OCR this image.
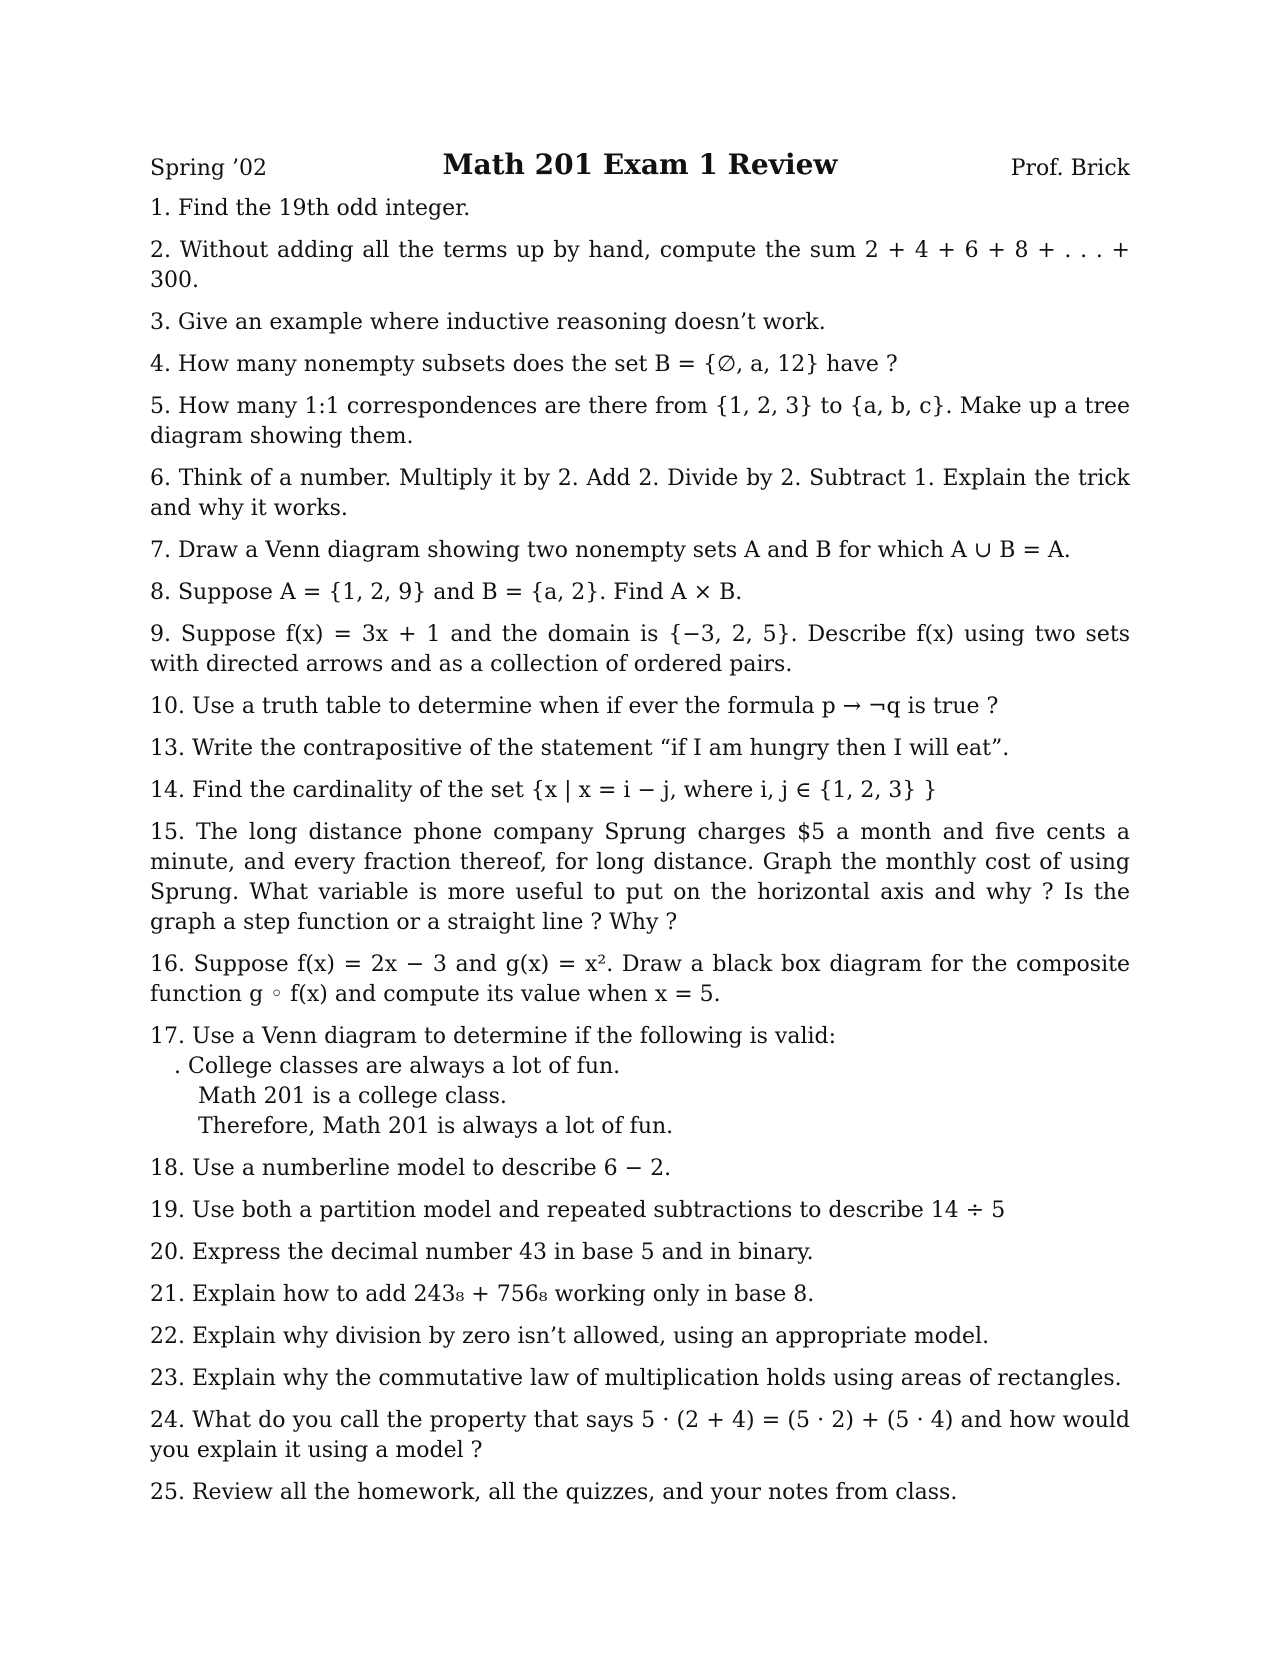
Spring ’02	Math 201 Exam 1 Review	Prof. Brick
1. Find the 19th odd integer.
2. Without adding all the terms up by hand, compute the sum 2 + 4 + 6 + 8 + . . . + 300.
3. Give an example where inductive reasoning doesn’t work.
4. How many nonempty subsets does the set B = {∅, a, 12} have ?
5. How many 1:1 correspondences are there from {1, 2, 3} to {a, b, c}. Make up a tree diagram showing them.
6. Think of a number. Multiply it by 2. Add 2. Divide by 2. Subtract 1. Explain the trick and why it works.
7. Draw a Venn diagram showing two nonempty sets A and B for which A ∪ B = A.
8. Suppose A = {1, 2, 9} and B = {a, 2}. Find A × B.
9. Suppose f(x) = 3x + 1 and the domain is {−3, 2, 5}. Describe f(x) using two sets with directed arrows and as a collection of ordered pairs.
10. Use a truth table to determine when if ever the formula p → ¬q is true ?
13. Write the contrapositive of the statement “if I am hungry then I will eat”.
14. Find the cardinality of the set {x | x = i − j, where i, j ∈ {1, 2, 3} }
15. The long distance phone company Sprung charges $5 a month and five cents a minute, and every fraction thereof, for long distance. Graph the monthly cost of using Sprung. What variable is more useful to put on the horizontal axis and why ? Is the graph a step function or a straight line ? Why ?
16. Suppose f(x) = 2x − 3 and g(x) = x². Draw a black box diagram for the composite function g ◦ f(x) and compute its value when x = 5.
17. Use a Venn diagram to determine if the following is valid:
. College classes are always a lot of fun.
Math 201 is a college class.
Therefore, Math 201 is always a lot of fun.
18. Use a numberline model to describe 6 − 2.
19. Use both a partition model and repeated subtractions to describe 14 ÷ 5
20. Express the decimal number 43 in base 5 and in binary.
21. Explain how to add 243₈ + 756₈ working only in base 8.
22. Explain why division by zero isn’t allowed, using an appropriate model.
23. Explain why the commutative law of multiplication holds using areas of rectangles.
24. What do you call the property that says 5 · (2 + 4) = (5 · 2) + (5 · 4) and how would you explain it using a model ?
25. Review all the homework, all the quizzes, and your notes from class.
